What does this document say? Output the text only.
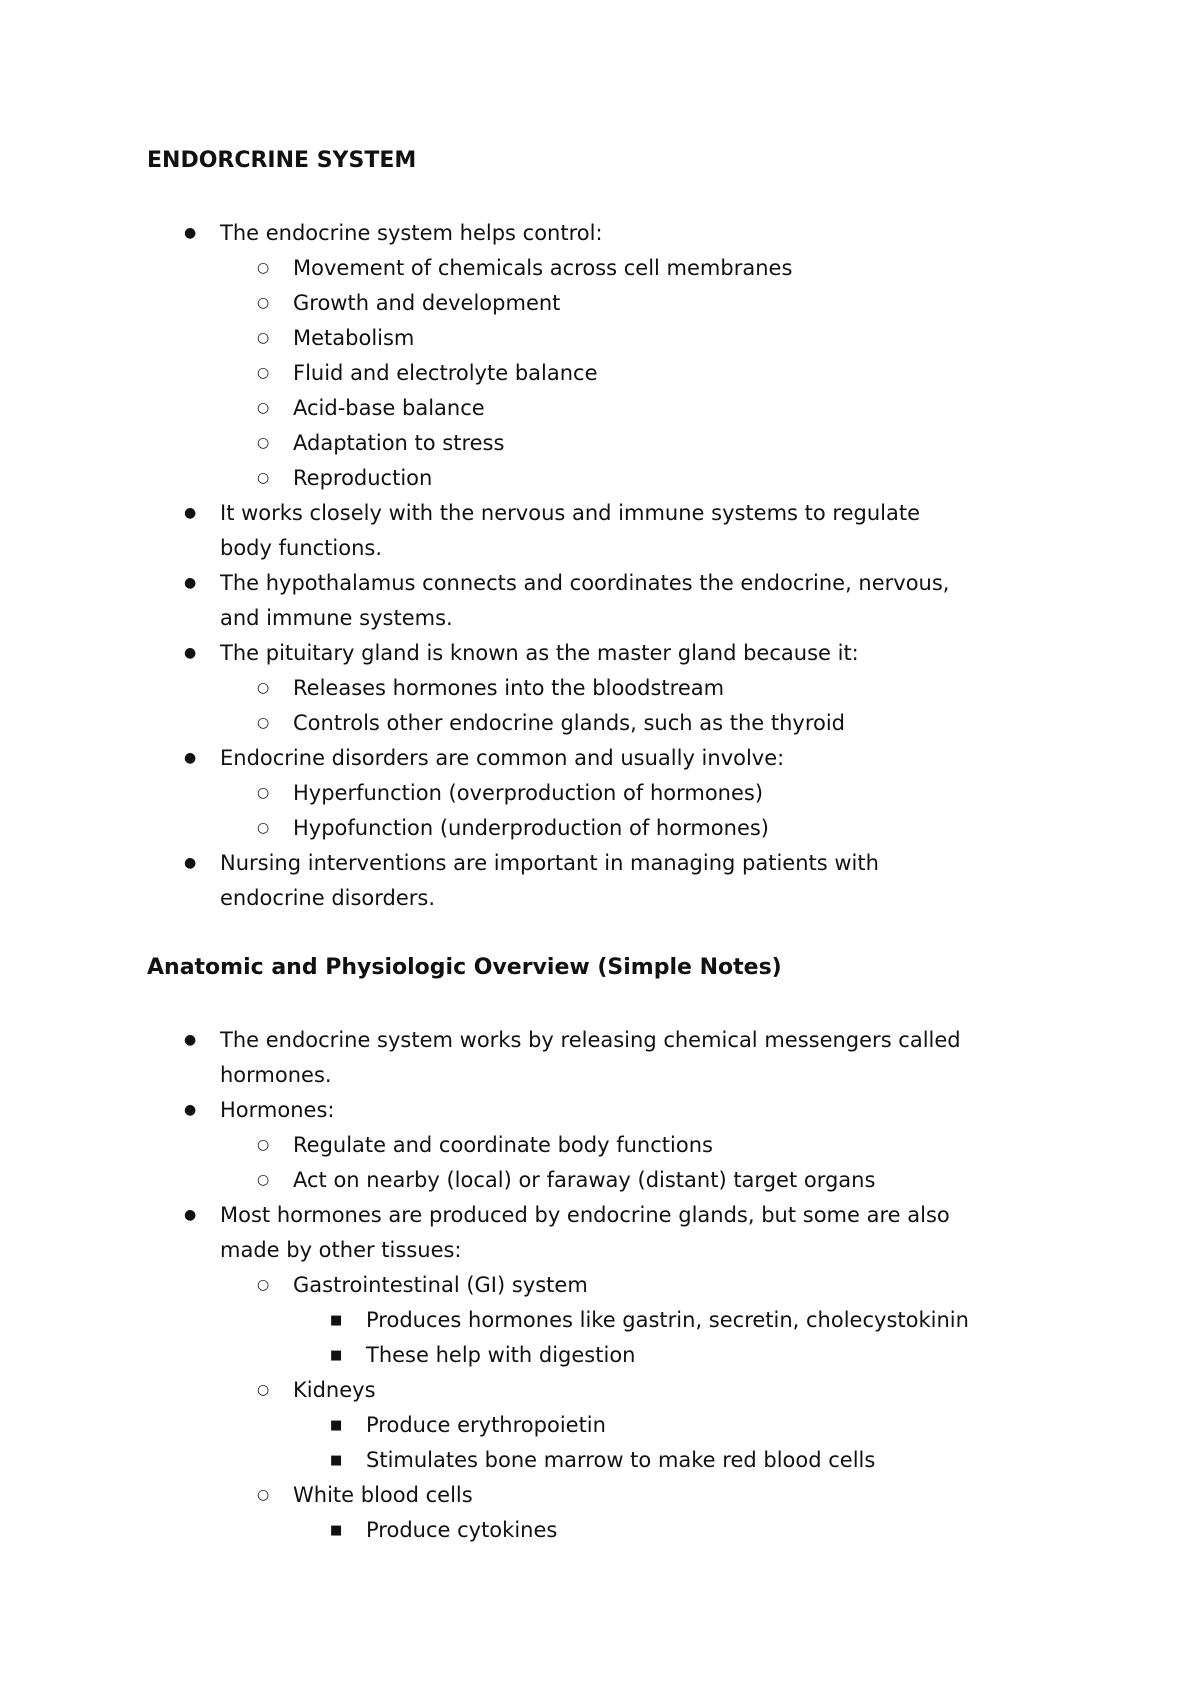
ENDORCRINE SYSTEM
● The endocrine system helps control:
○ Movement of chemicals across cell membranes
○ Growth and development
○ Metabolism
○ Fluid and electrolyte balance
○ Acid-base balance
○ Adaptation to stress
○ Reproduction
● It works closely with the nervous and immune systems to regulate
body functions.
● The hypothalamus connects and coordinates the endocrine, nervous,
and immune systems.
● The pituitary gland is known as the master gland because it:
○ Releases hormones into the bloodstream
○ Controls other endocrine glands, such as the thyroid
● Endocrine disorders are common and usually involve:
○ Hyperfunction (overproduction of hormones)
○ Hypofunction (underproduction of hormones)
● Nursing interventions are important in managing patients with
endocrine disorders.
Anatomic and Physiologic Overview (Simple Notes)
● The endocrine system works by releasing chemical messengers called
hormones.
● Hormones:
○ Regulate and coordinate body functions
○ Act on nearby (local) or faraway (distant) target organs
● Most hormones are produced by endocrine glands, but some are also
made by other tissues:
○ Gastrointestinal (GI) system
■ Produces hormones like gastrin, secretin, cholecystokinin
■ These help with digestion
○ Kidneys
■ Produce erythropoietin
■ Stimulates bone marrow to make red blood cells
○ White blood cells
■ Produce cytokines
